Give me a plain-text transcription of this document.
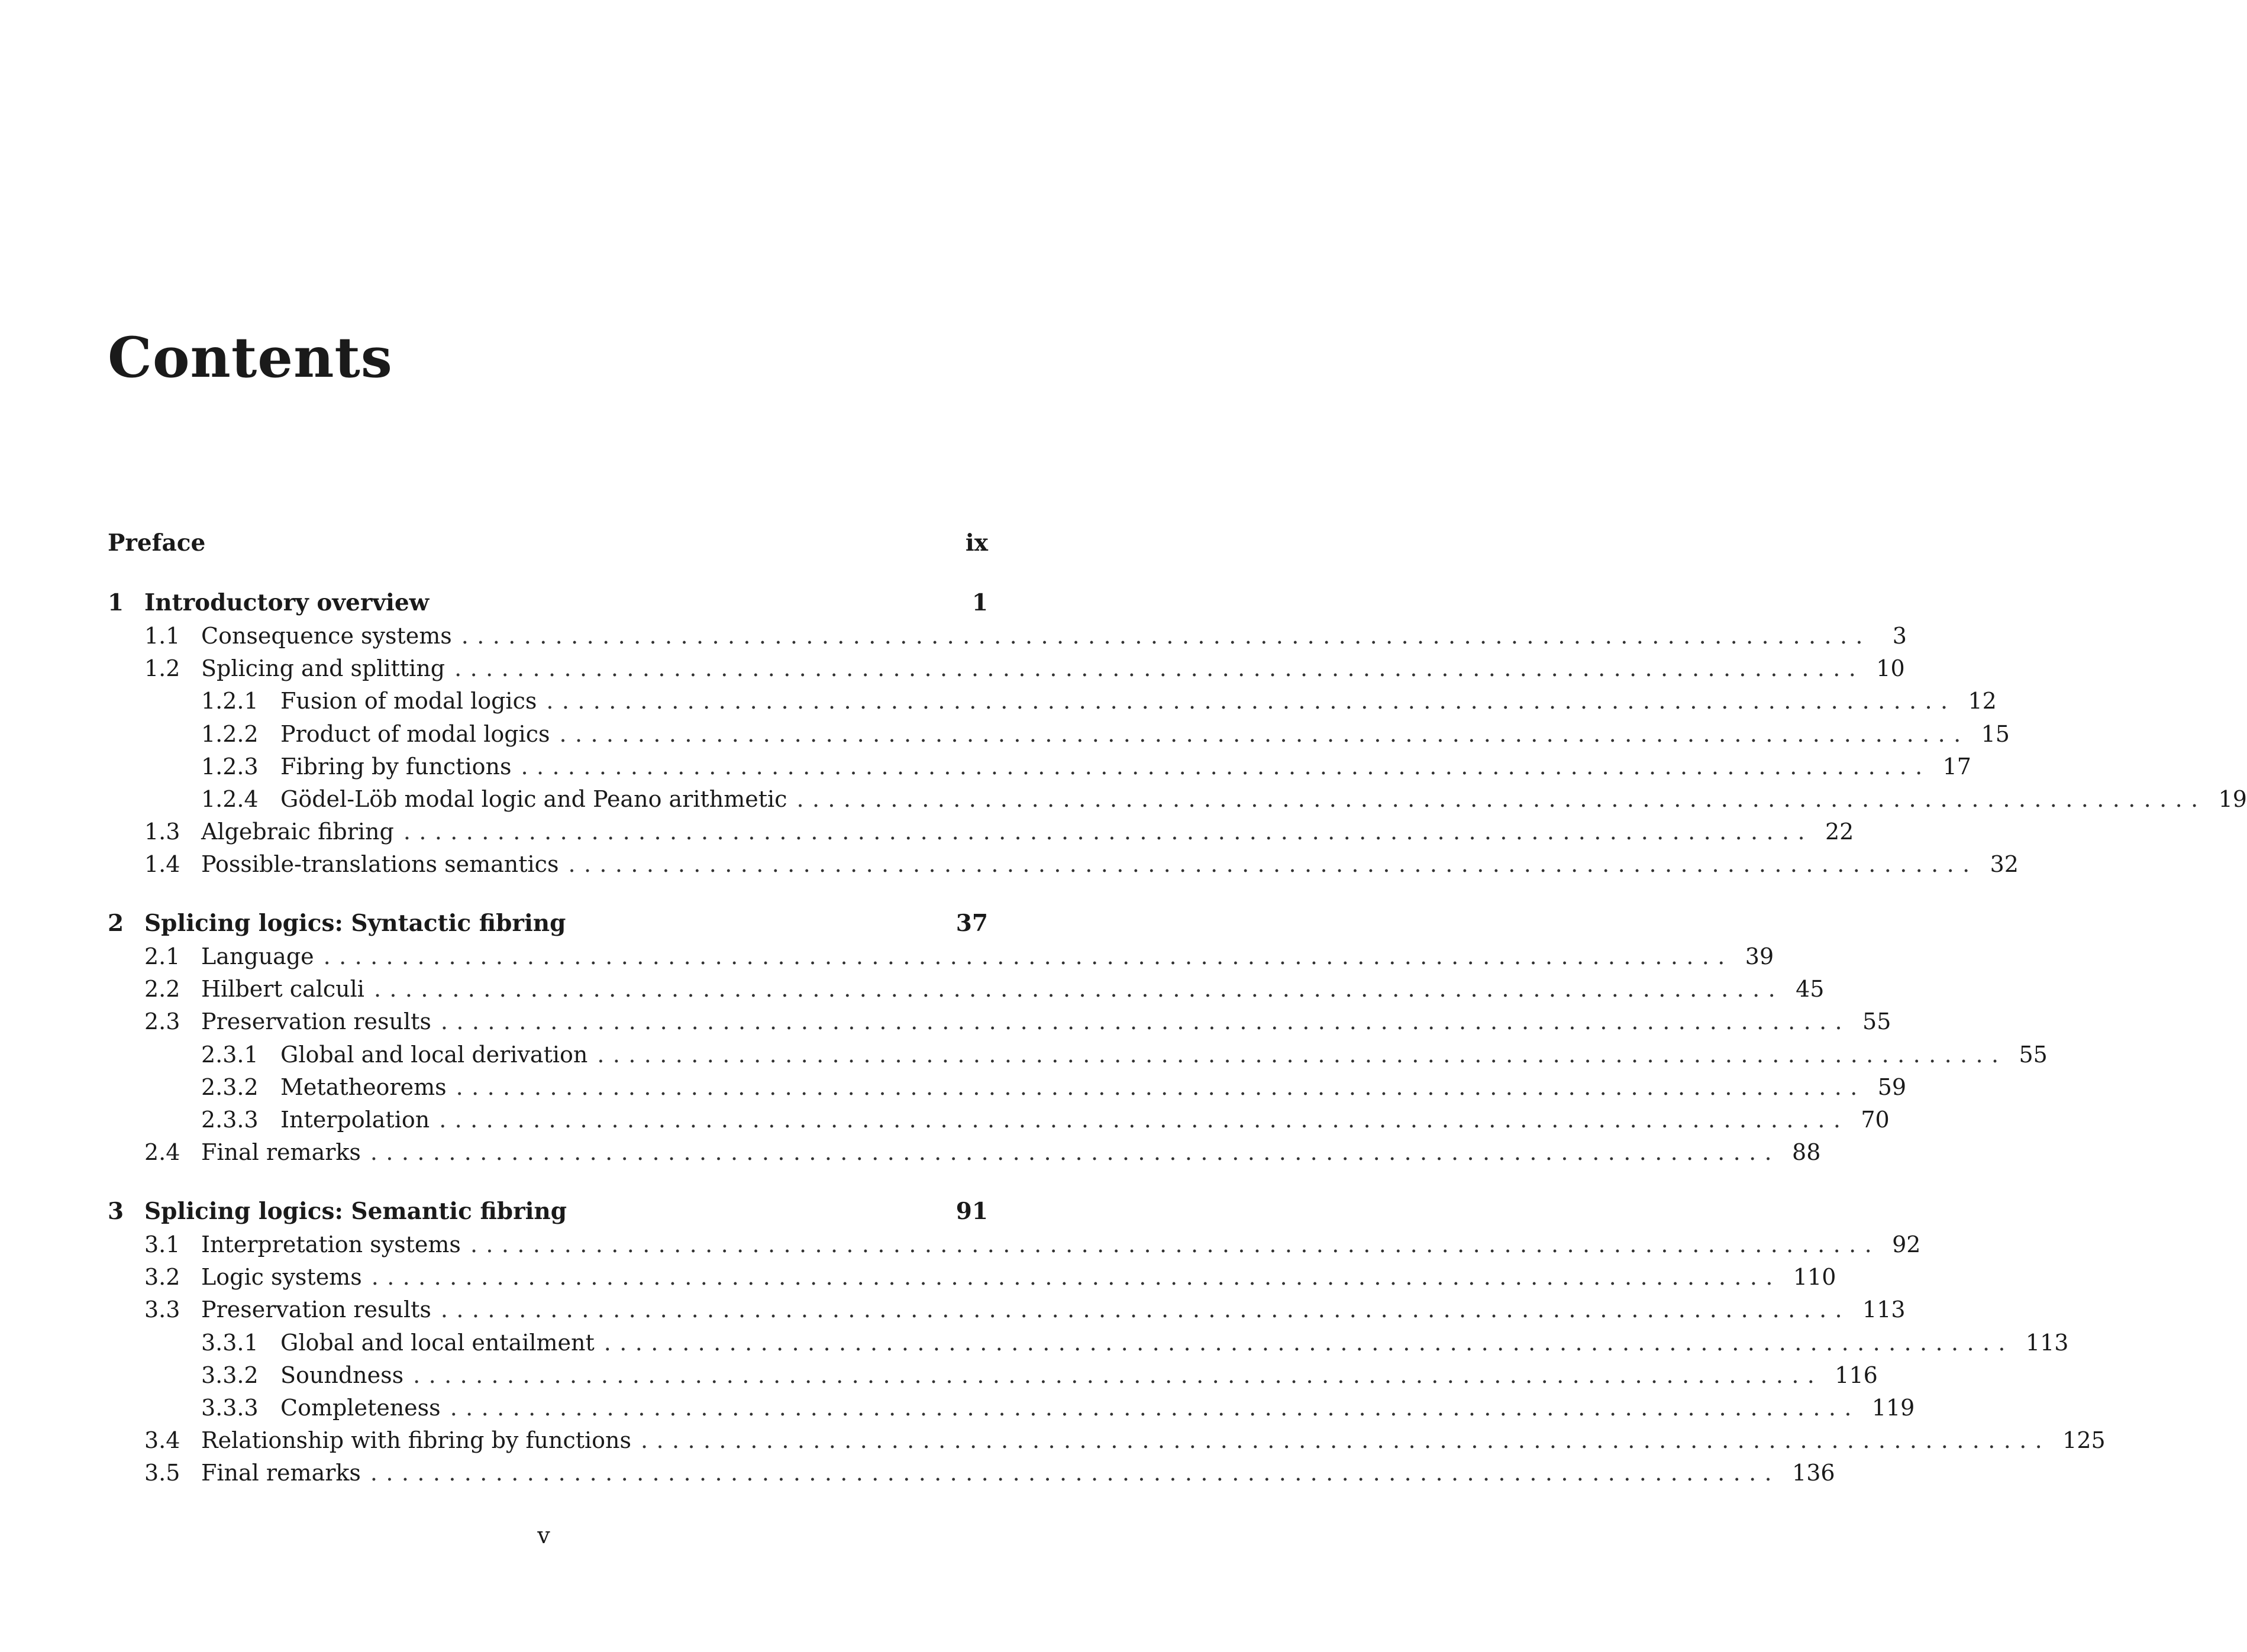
Contents
Preface	ix
1 Introductory overview	1
1.1 Consequence systems .......................................................................................... 3
1.2 Splicing and splitting .......................................................................................... 10
1.2.1 Fusion of modal logics .......................................................................................... 12
1.2.2 Product of modal logics .......................................................................................... 15
1.2.3 Fibring by functions .......................................................................................... 17
1.2.4 Gödel-Löb modal logic and Peano arithmetic .......................................................................................... 19
1.3 Algebraic fibring .......................................................................................... 22
1.4 Possible-translations semantics .......................................................................................... 32
2 Splicing logics: Syntactic fibring	37
2.1 Language .......................................................................................... 39
2.2 Hilbert calculi .......................................................................................... 45
2.3 Preservation results .......................................................................................... 55
2.3.1 Global and local derivation .......................................................................................... 55
2.3.2 Metatheorems .......................................................................................... 59
2.3.3 Interpolation .......................................................................................... 70
2.4 Final remarks .......................................................................................... 88
3 Splicing logics: Semantic fibring	91
3.1 Interpretation systems .......................................................................................... 92
3.2 Logic systems .......................................................................................... 110
3.3 Preservation results .......................................................................................... 113
3.3.1 Global and local entailment .......................................................................................... 113
3.3.2 Soundness .......................................................................................... 116
3.3.3 Completeness .......................................................................................... 119
3.4 Relationship with fibring by functions .......................................................................................... 125
3.5 Final remarks .......................................................................................... 136
v
